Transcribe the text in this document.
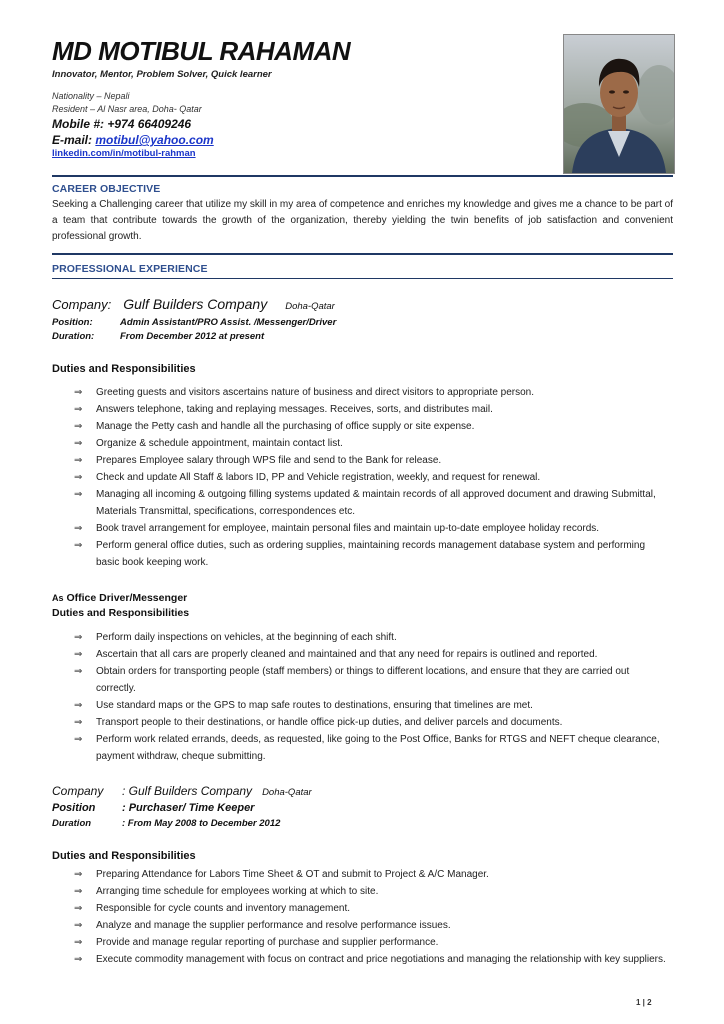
MD MOTIBUL RAHAMAN
Innovator, Mentor, Problem Solver, Quick learner
Nationality – Nepali
Resident – Al Nasr area, Doha- Qatar
Mobile #: +974 66409246
E-mail: motibul@yahoo.com
linkedin.com/in/motibul-rahman
CAREER OBJECTIVE
Seeking a Challenging career that utilize my skill in my area of competence and enriches my knowledge and gives me a chance to be part of a team that contribute towards the growth of the organization, thereby yielding the twin benefits of job satisfaction and convenient professional growth.
PROFESSIONAL EXPERIENCE
Company: Gulf Builders Company Doha-Qatar
Position:	Admin Assistant/PRO Assist. /Messenger/Driver
Duration:	From December 2012 at present
Duties and Responsibilities
⇒ Greeting guests and visitors ascertains nature of business and direct visitors to appropriate person.
⇒ Answers telephone, taking and replaying messages. Receives, sorts, and distributes mail.
⇒ Manage the Petty cash and handle all the purchasing of office supply or site expense.
⇒ Organize & schedule appointment, maintain contact list.
⇒ Prepares Employee salary through WPS file and send to the Bank for release.
⇒ Check and update All Staff & labors ID, PP and Vehicle registration, weekly, and request for renewal.
⇒ Managing all incoming & outgoing filling systems updated & maintain records of all approved document and drawing Submittal, Materials Transmittal, specifications, correspondences etc.
⇒ Book travel arrangement for employee, maintain personal files and maintain up-to-date employee holiday records.
⇒ Perform general office duties, such as ordering supplies, maintaining records management database system and performing basic book keeping work.
As Office Driver/Messenger
Duties and Responsibilities
⇒ Perform daily inspections on vehicles, at the beginning of each shift.
⇒ Ascertain that all cars are properly cleaned and maintained and that any need for repairs is outlined and reported.
⇒ Obtain orders for transporting people (staff members) or things to different locations, and ensure that they are carried out correctly.
⇒ Use standard maps or the GPS to map safe routes to destinations, ensuring that timelines are met.
⇒ Transport people to their destinations, or handle office pick-up duties, and deliver parcels and documents.
⇒ Perform work related errands, deeds, as requested, like going to the Post Office, Banks for RTGS and NEFT cheque clearance, payment withdraw, cheque submitting.
Company : Gulf Builders Company Doha-Qatar
Position : Purchaser/ Time Keeper
Duration	: From May 2008 to December 2012
Duties and Responsibilities
⇒ Preparing Attendance for Labors Time Sheet & OT and submit to Project & A/C Manager.
⇒ Arranging time schedule for employees working at which to site.
⇒ Responsible for cycle counts and inventory management.
⇒ Analyze and manage the supplier performance and resolve performance issues.
⇒ Provide and manage regular reporting of purchase and supplier performance.
⇒ Execute commodity management with focus on contract and price negotiations and managing the relationship with key suppliers.
1 | 2
